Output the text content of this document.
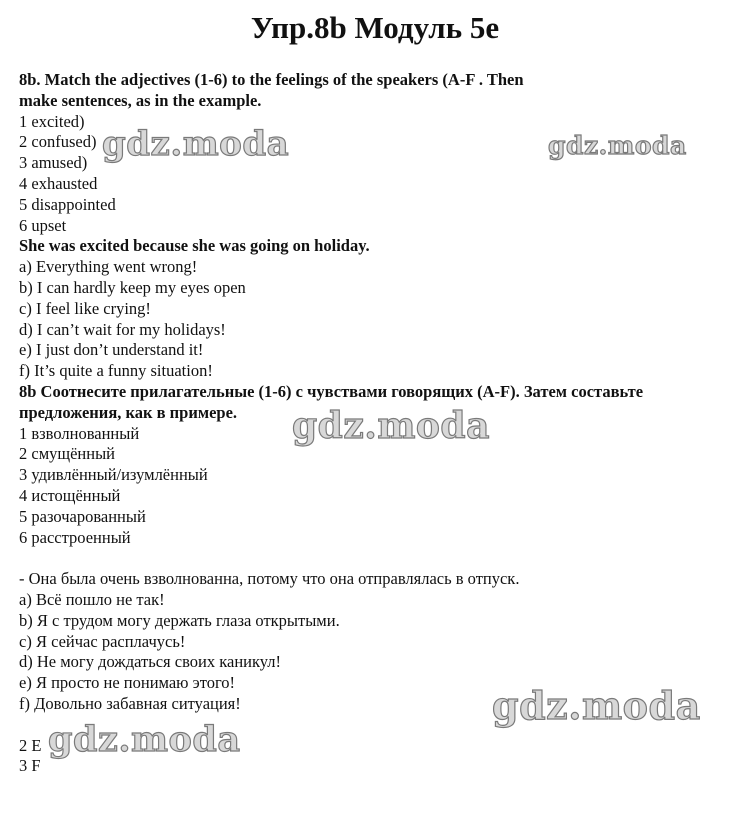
Упр.8b Модуль 5е
8b. Match the adjectives (1-6) to the feelings of the speakers (A-F . Then
make sentences, as in the example.
1 excited)
2 confused)
3 amused)
4 exhausted
5 disappointed
6 upset
She was excited because she was going on holiday.
a) Everything went wrong!
b) I can hardly keep my eyes open
c) I feel like crying!
d) I can’t wait for my holidays!
e) I just don’t understand it!
f) It’s quite a funny situation!
8b Соотнесите прилагательные (1-6) с чувствами говорящих (A-F). Затем составьте
предложения, как в примере.
1 взволнованный
2 смущённый
3 удивлённый/изумлённый
4 истощённый
5 разочарованный
6 расстроенный
- Она была очень взволнованна, потому что она отправлялась в отпуск.
a) Всё пошло не так!
b) Я с трудом могу держать глаза открытыми.
c) Я сейчас расплачусь!
d) Не могу дождаться своих каникул!
e) Я просто не понимаю этого!
f) Довольно забавная ситуация!
2 E
3 F
gdz.moda	gdz.moda
gdz.moda
gdz.moda
gdz.moda
